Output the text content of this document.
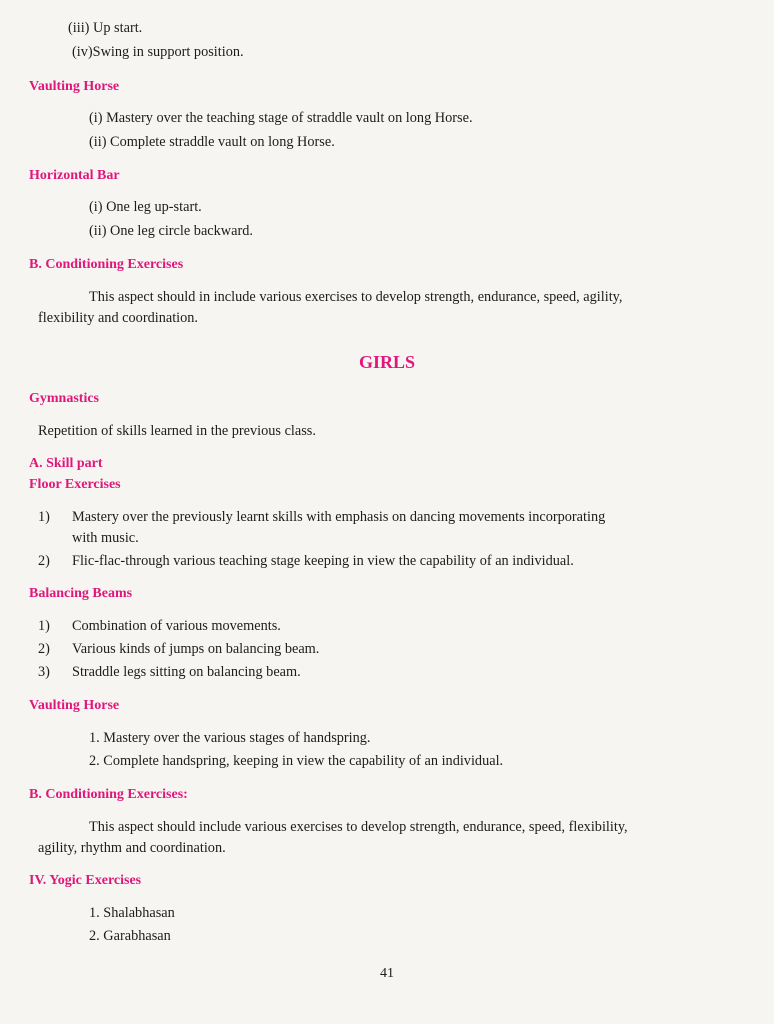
(iii) Up start.
(iv)Swing in support position.
Vaulting Horse
(i) Mastery over the teaching stage of straddle vault on long Horse.
(ii) Complete straddle vault on long Horse.
Horizontal Bar
(i) One leg up-start.
(ii) One leg circle backward.
B. Conditioning Exercises
This aspect should in include various exercises to develop strength, endurance, speed, agility,
flexibility and coordination.
GIRLS
Gymnastics
Repetition of skills learned in the previous class.
A. Skill part
Floor Exercises
1) Mastery over the previously learnt skills with emphasis on dancing movements incorporating
with music.
2) Flic-flac-through various teaching stage keeping in view the capability of an individual.
Balancing Beams
1) Combination of various movements.
2) Various kinds of jumps on balancing beam.
3) Straddle legs sitting on balancing beam.
Vaulting Horse
1. Mastery over the various stages of handspring.
2. Complete handspring, keeping in view the capability of an individual.
B. Conditioning Exercises:
This aspect should include various exercises to develop strength, endurance, speed, flexibility,
agility, rhythm and coordination.
IV. Yogic Exercises
1. Shalabhasan
2. Garabhasan
41
